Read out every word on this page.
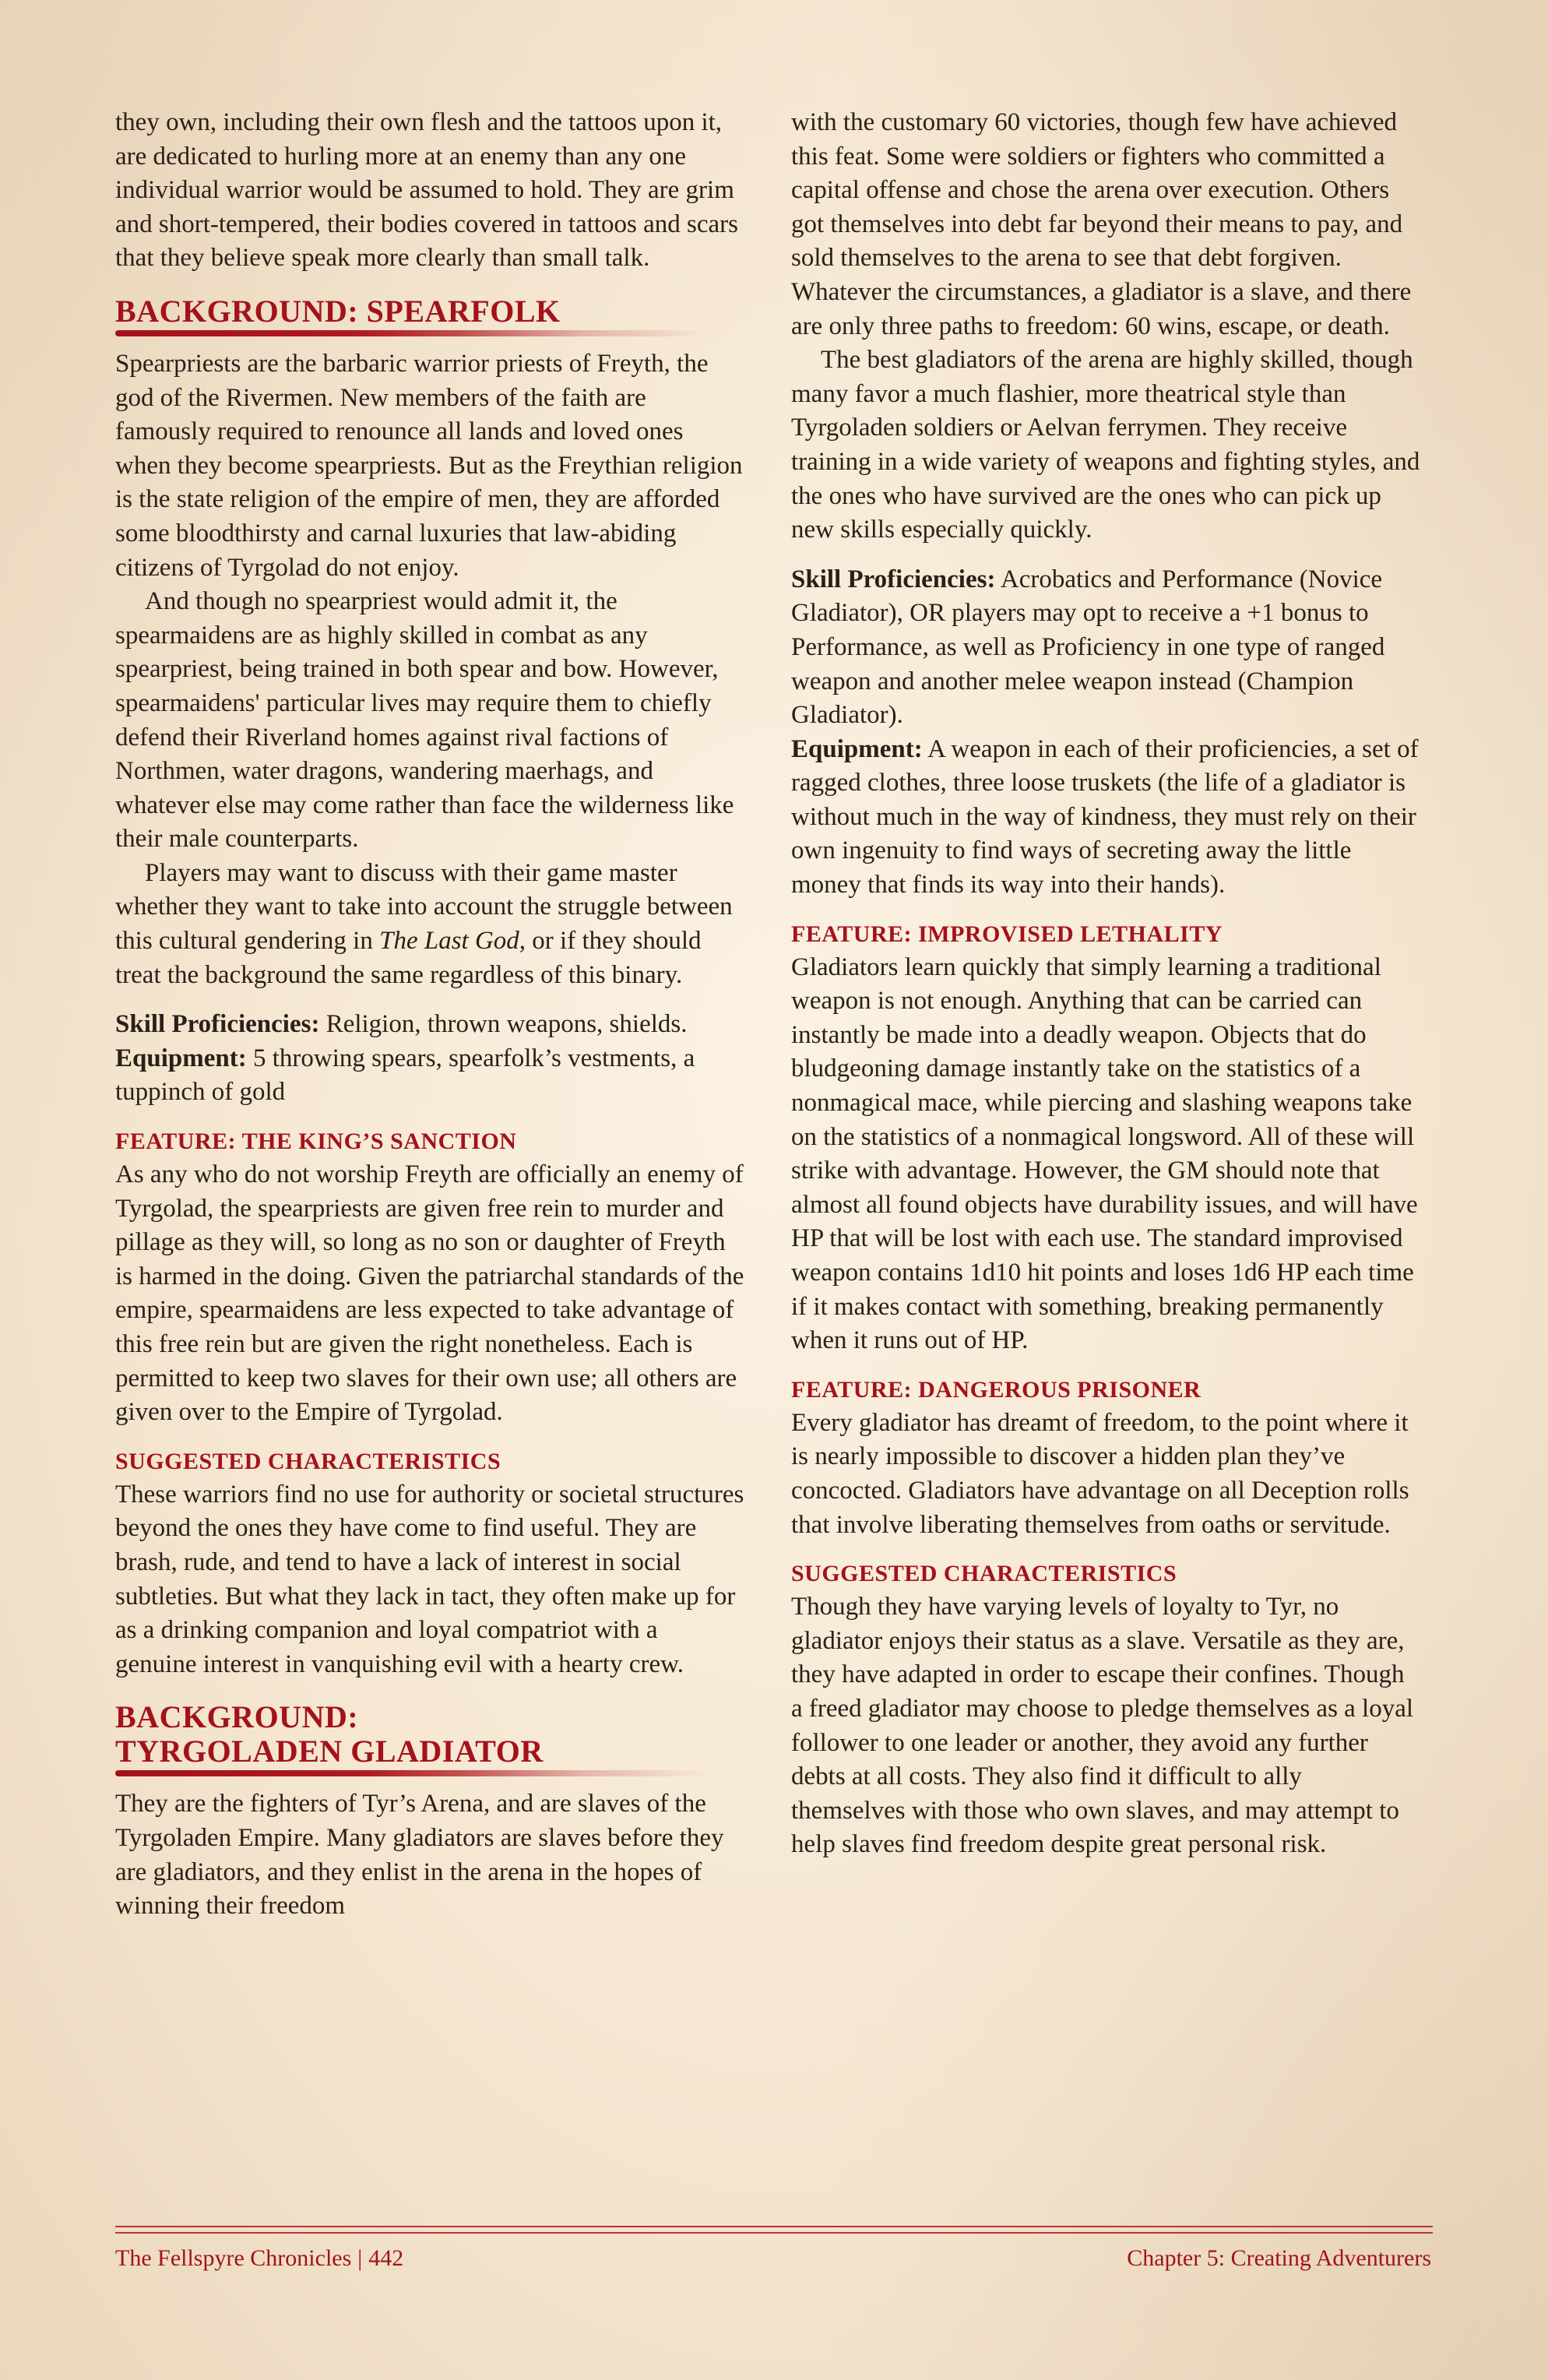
they own, including their own flesh and the tattoos upon it, are dedicated to hurling more at an enemy than any one individual warrior would be assumed to hold. They are grim and short-tempered, their bodies covered in tattoos and scars that they believe speak more clearly than small talk.

BACKGROUND: SPEARFOLK

Spearpriests are the barbaric warrior priests of Freyth, the god of the Rivermen. New members of the faith are famously required to renounce all lands and loved ones when they become spearpriests. But as the Freythian religion is the state religion of the empire of men, they are afforded some bloodthirsty and carnal luxuries that law-abiding citizens of Tyrgolad do not enjoy.

And though no spearpriest would admit it, the spearmaidens are as highly skilled in combat as any spearpriest, being trained in both spear and bow. However, spearmaidens' particular lives may require them to chiefly defend their Riverland homes against rival factions of Northmen, water dragons, wandering maerhags, and whatever else may come rather than face the wilderness like their male counterparts.

Players may want to discuss with their game master whether they want to take into account the struggle between this cultural gendering in The Last God, or if they should treat the background the same regardless of this binary.

Skill Proficiencies: Religion, thrown weapons, shields.

Equipment: 5 throwing spears, spearfolk’s vestments, a tuppinch of gold

FEATURE: THE KING’S SANCTION

As any who do not worship Freyth are officially an enemy of Tyrgolad, the spearpriests are given free rein to murder and pillage as they will, so long as no son or daughter of Freyth is harmed in the doing. Given the patriarchal standards of the empire, spearmaidens are less expected to take advantage of this free rein but are given the right nonetheless. Each is permitted to keep two slaves for their own use; all others are given over to the Empire of Tyrgolad.

SUGGESTED CHARACTERISTICS

These warriors find no use for authority or societal structures beyond the ones they have come to find useful. They are brash, rude, and tend to have a lack of interest in social subtleties. But what they lack in tact, they often make up for as a drinking companion and loyal compatriot with a genuine interest in vanquishing evil with a hearty crew.

BACKGROUND:
TYRGOLADEN GLADIATOR

They are the fighters of Tyr’s Arena, and are slaves of the Tyrgoladen Empire. Many gladiators are slaves before they are gladiators, and they enlist in the arena in the hopes of winning their freedom

with the customary 60 victories, though few have achieved this feat. Some were soldiers or fighters who committed a capital offense and chose the arena over execution. Others got themselves into debt far beyond their means to pay, and sold themselves to the arena to see that debt forgiven. Whatever the circumstances, a gladiator is a slave, and there are only three paths to freedom: 60 wins, escape, or death.

The best gladiators of the arena are highly skilled, though many favor a much flashier, more theatrical style than Tyrgoladen soldiers or Aelvan ferrymen. They receive training in a wide variety of weapons and fighting styles, and the ones who have survived are the ones who can pick up new skills especially quickly.

Skill Proficiencies: Acrobatics and Performance (Novice Gladiator), OR players may opt to receive a +1 bonus to Performance, as well as Proficiency in one type of ranged weapon and another melee weapon instead (Champion Gladiator).

Equipment: A weapon in each of their proficiencies, a set of ragged clothes, three loose truskets (the life of a gladiator is without much in the way of kindness, they must rely on their own ingenuity to find ways of secreting away the little money that finds its way into their hands).

FEATURE: IMPROVISED LETHALITY

Gladiators learn quickly that simply learning a traditional weapon is not enough. Anything that can be carried can instantly be made into a deadly weapon. Objects that do bludgeoning damage instantly take on the statistics of a nonmagical mace, while piercing and slashing weapons take on the statistics of a nonmagical longsword. All of these will strike with advantage. However, the GM should note that almost all found objects have durability issues, and will have HP that will be lost with each use. The standard improvised weapon contains 1d10 hit points and loses 1d6 HP each time if it makes contact with something, breaking permanently when it runs out of HP.

FEATURE: DANGEROUS PRISONER

Every gladiator has dreamt of freedom, to the point where it is nearly impossible to discover a hidden plan they’ve concocted. Gladiators have advantage on all Deception rolls that involve liberating themselves from oaths or servitude.

SUGGESTED CHARACTERISTICS

Though they have varying levels of loyalty to Tyr, no gladiator enjoys their status as a slave. Versatile as they are, they have adapted in order to escape their confines. Though a freed gladiator may choose to pledge themselves as a loyal follower to one leader or another, they avoid any further debts at all costs. They also find it difficult to ally themselves with those who own slaves, and may attempt to help slaves find freedom despite great personal risk.

The Fellspyre Chronicles | 442	Chapter 5: Creating Adventurers
